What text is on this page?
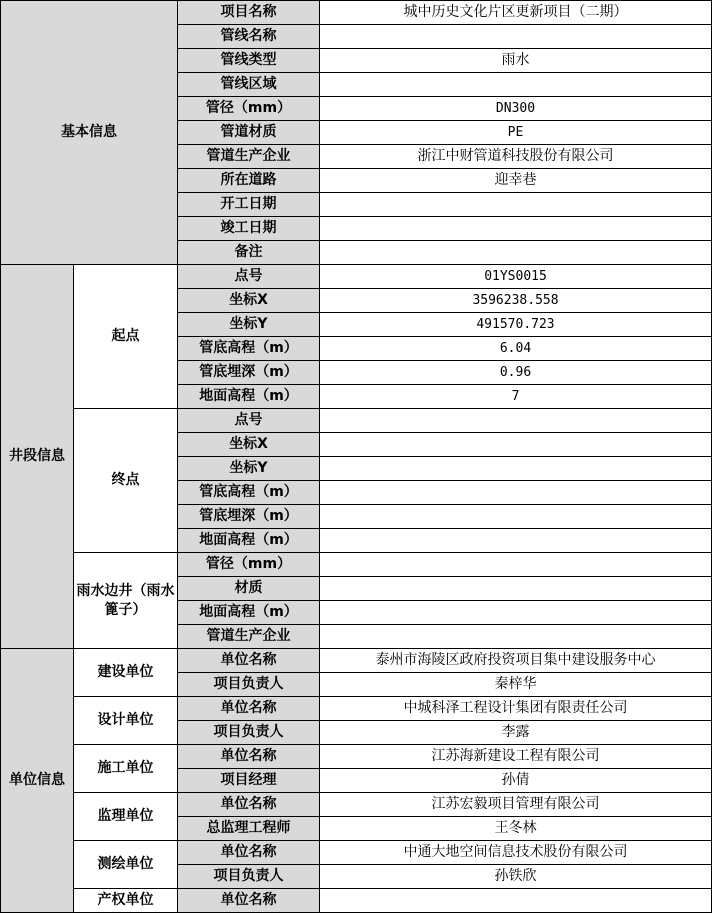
基本信息		项目名称	城中历史文化片区更新项目（二期）
		管线名称	
		管线类型	雨水
		管线区域	
		管径（mm）	DN300
		管道材质	PE
		管道生产企业	浙江中财管道科技股份有限公司
		所在道路	迎幸巷
		开工日期	
		竣工日期	
		备注	
井段信息	起点	点号	01YS0015
		坐标X	3596238.558
		坐标Y	491570.723
		管底高程（m）	6.04
		管底埋深（m）	0.96
		地面高程（m）	7
	终点	点号	
		坐标X	
		坐标Y	
		管底高程（m）	
		管底埋深（m）	
		地面高程（m）	
	雨水边井（雨水篦子）	管径（mm）	
		材质	
		地面高程（m）	
		管道生产企业	
单位信息	建设单位	单位名称	泰州市海陵区政府投资项目集中建设服务中心
		项目负责人	秦梓华
	设计单位	单位名称	中城科泽工程设计集团有限责任公司
		项目负责人	李露
	施工单位	单位名称	江苏海新建设工程有限公司
		项目经理	孙倩
	监理单位	单位名称	江苏宏毅项目管理有限公司
		总监理工程师	王冬林
	测绘单位	单位名称	中通大地空间信息技术股份有限公司
		项目负责人	孙铁欣
	产权单位	单位名称	
